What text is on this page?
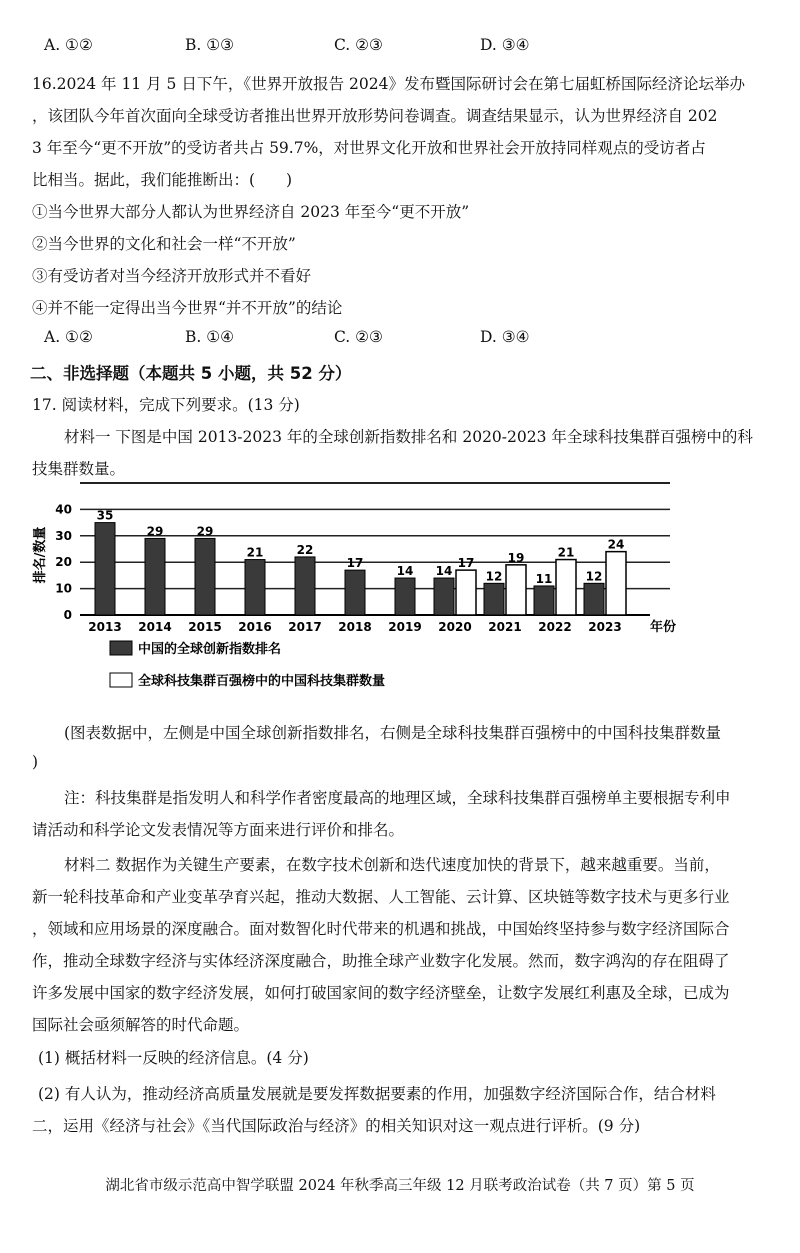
A. ①②	B. ①③	C. ②③	D. ③④
16.2024 年 11 月 5 日下午，《世界开放报告 2024》发布暨国际研讨会在第七届虹桥国际经济论坛举办
，该团队今年首次面向全球受访者推出世界开放形势问卷调查。调查结果显示，认为世界经济自 202
3 年至今“更不开放”的受访者共占 59.7%，对世界文化开放和世界社会开放持同样观点的受访者占
比相当。据此，我们能推断出：(　　)
①当今世界大部分人都认为世界经济自 2023 年至今“更不开放”
②当今世界的文化和社会一样“不开放”
③有受访者对当今经济开放形式并不看好
④并不能一定得出当今世界“并不开放”的结论
A. ①②	B. ①④	C. ②③	D. ③④
二、非选择题（本题共 5 小题，共 52 分）
17. 阅读材料，完成下列要求。(13 分)
材料一 下图是中国 2013-2023 年的全球创新指数排名和 2020-2023 年全球科技集群百强榜中的科
技集群数量。
0
10
20
30
40 35
2013
29
2014
29
2015
21
2016
22
2017
17
2018
14
2019
14
17
2020
12
19
2021
11
21
2022
12
24
2023
中国的全球创新指数排名
全球科技集群百强榜中的中国科技集群数量
排名/数量
年份
(图表数据中，左侧是中国全球创新指数排名，右侧是全球科技集群百强榜中的中国科技集群数量
)
注：科技集群是指发明人和科学作者密度最高的地理区域，全球科技集群百强榜单主要根据专利申
请活动和科学论文发表情况等方面来进行评价和排名。
材料二 数据作为关键生产要素，在数字技术创新和迭代速度加快的背景下，越来越重要。当前，
新一轮科技革命和产业变革孕育兴起，推动大数据、人工智能、云计算、区块链等数字技术与更多行业
，领域和应用场景的深度融合。面对数智化时代带来的机遇和挑战，中国始终坚持参与数字经济国际合
作，推动全球数字经济与实体经济深度融合，助推全球产业数字化发展。然而，数字鸿沟的存在阻碍了
许多发展中国家的数字经济发展，如何打破国家间的数字经济壁垒，让数字发展红利惠及全球，已成为
国际社会亟须解答的时代命题。
(1) 概括材料一反映的经济信息。(4 分)
(2) 有人认为，推动经济高质量发展就是要发挥数据要素的作用，加强数字经济国际合作，结合材料
二，运用《经济与社会》《当代国际政治与经济》的相关知识对这一观点进行评析。(9 分)
湖北省市级示范高中智学联盟 2024 年秋季高三年级 12 月联考政治试卷（共 7 页）第 5 页
